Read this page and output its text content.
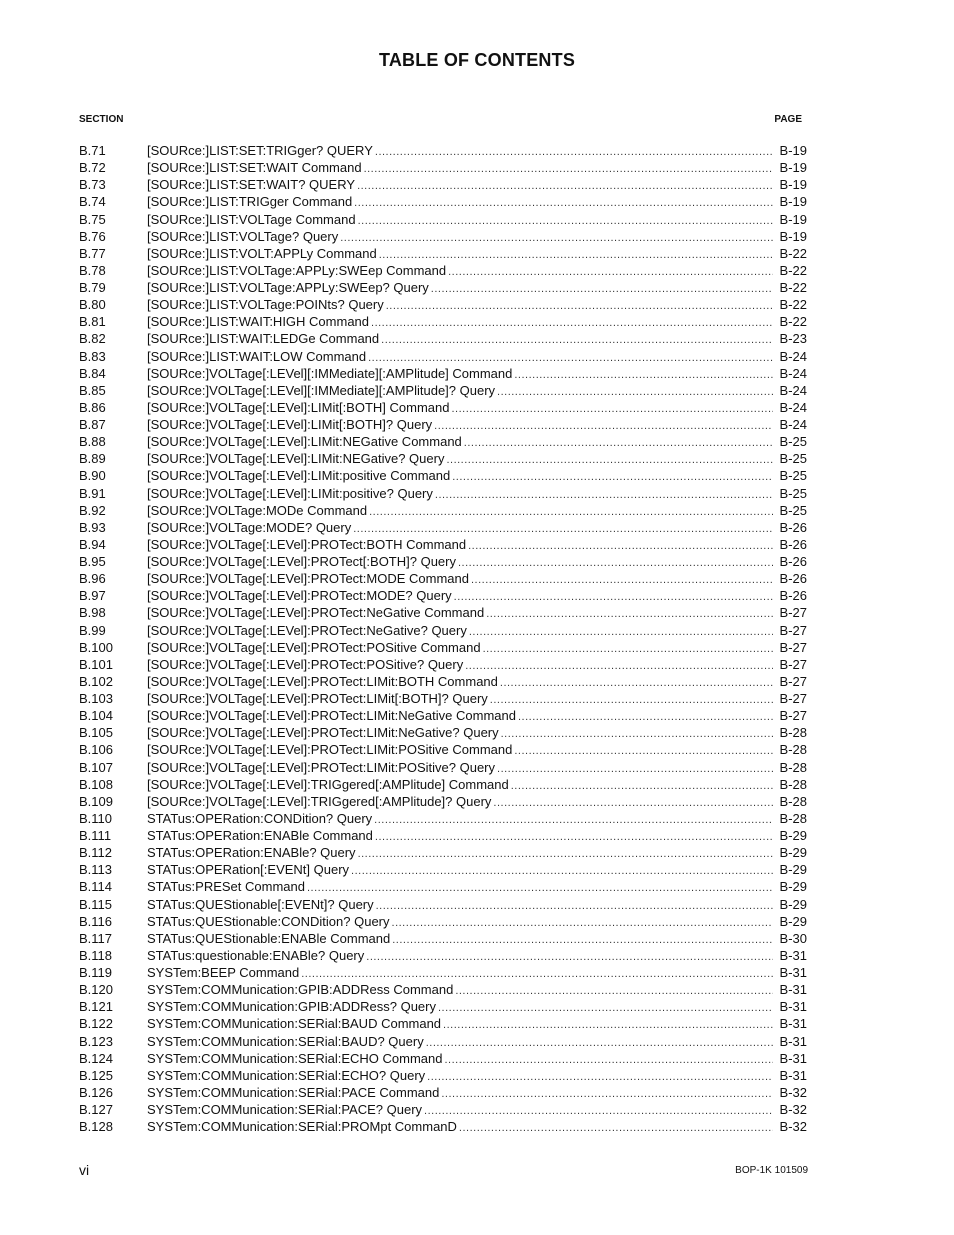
TABLE OF CONTENTS
SECTION	PAGE
B.71	[SOURce:]LIST:SET:TRIGger? QUERY .....	B-19
B.72	[SOURce:]LIST:SET:WAIT Command .....	B-19
B.73	[SOURce:]LIST:SET:WAIT? QUERY .....	B-19
B.74	[SOURce:]LIST:TRIGger Command .....	B-19
B.75	[SOURce:]LIST:VOLTage Command .....	B-19
B.76	[SOURce:]LIST:VOLTage? Query .....	B-19
B.77	[SOURce:]LIST:VOLT:APPLy Command .....	B-22
B.78	[SOURce:]LIST:VOLTage:APPLy:SWEep Command .....	B-22
B.79	[SOURce:]LIST:VOLTage:APPLy:SWEep? Query .....	B-22
B.80	[SOURce:]LIST:VOLTage:POINts? Query .....	B-22
B.81	[SOURce:]LIST:WAIT:HIGH Command .....	B-22
B.82	[SOURce:]LIST:WAIT:LEDGe Command .....	B-23
B.83	[SOURce:]LIST:WAIT:LOW Command .....	B-24
B.84	[SOURce:]VOLTage[:LEVel][:IMMediate][:AMPlitude] Command .....	B-24
B.85	[SOURce:]VOLTage[:LEVel][:IMMediate][:AMPlitude]? Query .....	B-24
B.86	[SOURce:]VOLTage[:LEVel]:LIMit[:BOTH] Command .....	B-24
B.87	[SOURce:]VOLTage[:LEVel]:LIMit[:BOTH]? Query .....	B-24
B.88	[SOURce:]VOLTage[:LEVel]:LIMit:NEGative Command .....	B-25
B.89	[SOURce:]VOLTage[:LEVel]:LIMit:NEGative? Query .....	B-25
B.90	[SOURce:]VOLTage[:LEVel]:LIMit:positive Command .....	B-25
B.91	[SOURce:]VOLTage[:LEVel]:LIMit:positive? Query .....	B-25
B.92	[SOURce:]VOLTage:MODe Command .....	B-25
B.93	[SOURce:]VOLTage:MODE? Query .....	B-26
B.94	[SOURce:]VOLTage[:LEVel]:PROTect:BOTH Command .....	B-26
B.95	[SOURce:]VOLTage[:LEVel]:PROTect[:BOTH]? Query .....	B-26
B.96	[SOURce:]VOLTage[:LEVel]:PROTect:MODE Command .....	B-26
B.97	[SOURce:]VOLTage[:LEVel]:PROTect:MODE? Query .....	B-26
B.98	[SOURce:]VOLTage[:LEVel]:PROTect:NeGative Command .....	B-27
B.99	[SOURce:]VOLTage[:LEVel]:PROTect:NeGative? Query .....	B-27
B.100	[SOURce:]VOLTage[:LEVel]:PROTect:POSitive Command .....	B-27
B.101	[SOURce:]VOLTage[:LEVel]:PROTect:POSitive? Query .....	B-27
B.102	[SOURce:]VOLTage[:LEVel]:PROTect:LIMit:BOTH Command .....	B-27
B.103	[SOURce:]VOLTage[:LEVel]:PROTect:LIMit[:BOTH]? Query .....	B-27
B.104	[SOURce:]VOLTage[:LEVel]:PROTect:LIMit:NeGative Command .....	B-27
B.105	[SOURce:]VOLTage[:LEVel]:PROTect:LIMit:NeGative? Query .....	B-28
B.106	[SOURce:]VOLTage[:LEVel]:PROTect:LIMit:POSitive Command .....	B-28
B.107	[SOURce:]VOLTage[:LEVel]:PROTect:LIMit:POSitive? Query .....	B-28
B.108	[SOURce:]VOLTage[:LEVel]:TRIGgered[:AMPlitude] Command .....	B-28
B.109	[SOURce:]VOLTage[:LEVel]:TRIGgered[:AMPlitude]? Query .....	B-28
B.110	STATus:OPERation:CONDition? Query .....	B-28
B.111	STATus:OPERation:ENABle Command .....	B-29
B.112	STATus:OPERation:ENABle? Query .....	B-29
B.113	STATus:OPERation[:EVENt] Query .....	B-29
B.114	STATus:PRESet Command .....	B-29
B.115	STATus:QUEStionable[:EVENt]? Query .....	B-29
B.116	STATus:QUEStionable:CONDition? Query .....	B-29
B.117	STATus:QUEStionable:ENABle Command .....	B-30
B.118	STATus:questionable:ENABle? Query .....	B-31
B.119	SYSTem:BEEP Command .....	B-31
B.120	SYSTem:COMMunication:GPIB:ADDRess Command .....	B-31
B.121	SYSTem:COMMunication:GPIB:ADDRess? Query .....	B-31
B.122	SYSTem:COMMunication:SERial:BAUD Command .....	B-31
B.123	SYSTem:COMMunication:SERial:BAUD? Query .....	B-31
B.124	SYSTem:COMMunication:SERial:ECHO Command .....	B-31
B.125	SYSTem:COMMunication:SERial:ECHO? Query .....	B-31
B.126	SYSTem:COMMunication:SERial:PACE Command .....	B-32
B.127	SYSTem:COMMunication:SERial:PACE? Query .....	B-32
B.128	SYSTem:COMMunication:SERial:PROMpt CommanD .....	B-32
vi	BOP-1K 101509
